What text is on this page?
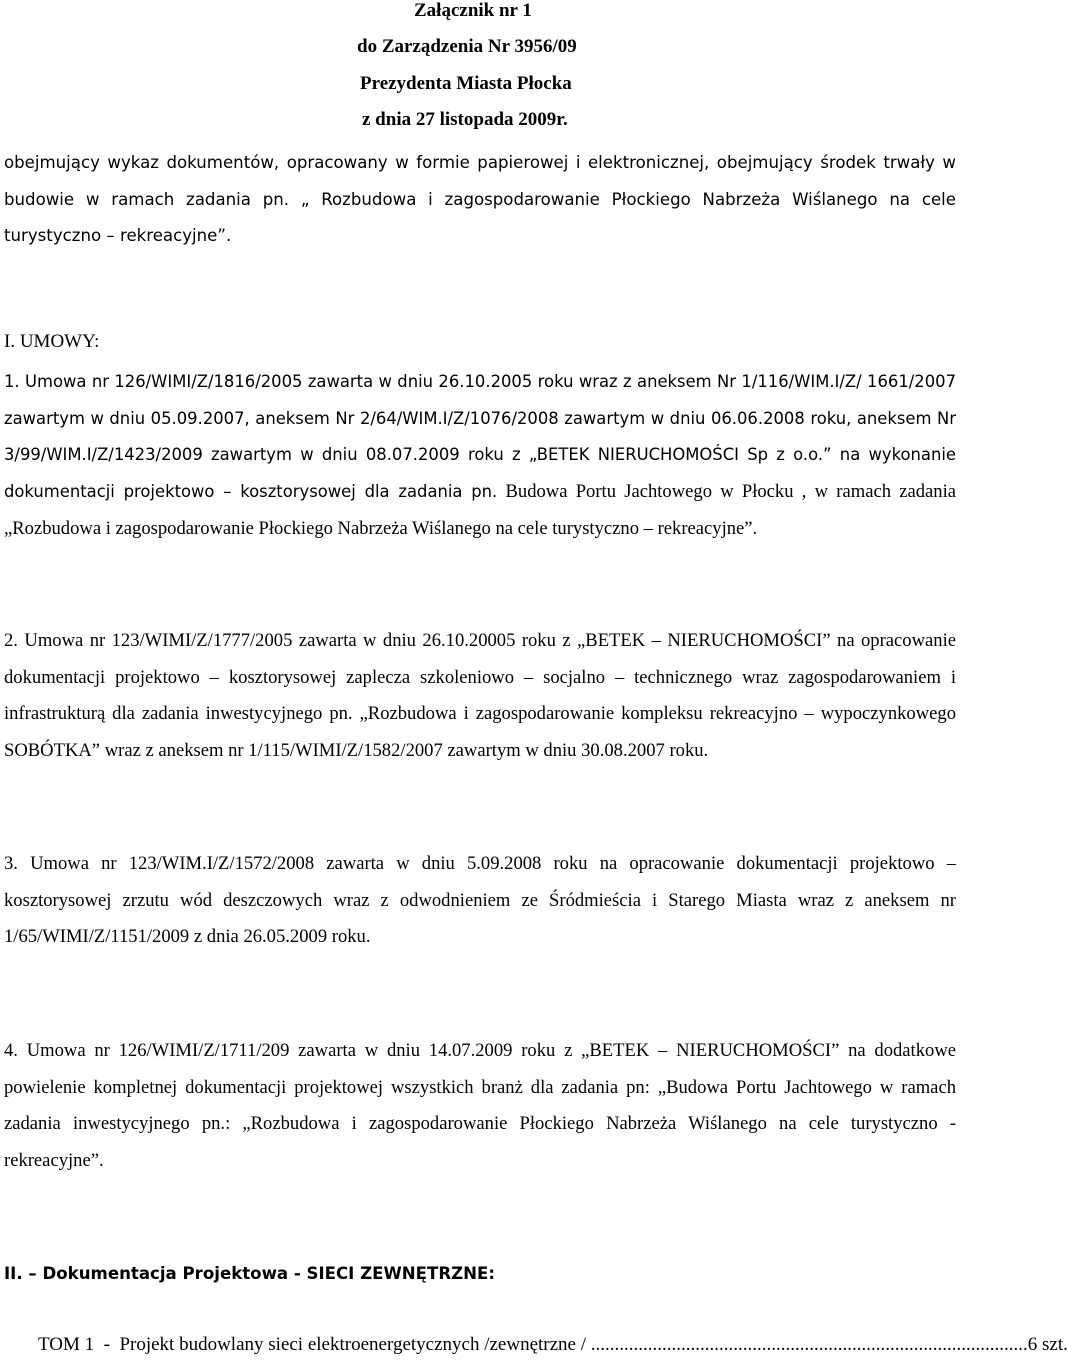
Załącznik nr 1
do Zarządzenia Nr 3956/09
Prezydenta Miasta Płocka
z dnia 27 listopada 2009r.
obejmujący wykaz dokumentów, opracowany w formie papierowej i elektronicznej, obejmujący środek trwały w budowie w ramach zadania pn. „ Rozbudowa i zagospodarowanie Płockiego Nabrzeża Wiślanego na cele turystyczno – rekreacyjne”.
I. UMOWY:
1. Umowa nr 126/WIMI/Z/1816/2005 zawarta w dniu 26.10.2005 roku wraz z aneksem Nr 1/116/WIM.I/Z/ 1661/2007 zawartym w dniu 05.09.2007, aneksem Nr 2/64/WIM.I/Z/1076/2008 zawartym w dniu 06.06.2008 roku, aneksem Nr 3/99/WIM.I/Z/1423/2009 zawartym w dniu 08.07.2009 roku z „BETEK NIERUCHOMOŚCI Sp z o.o.” na wykonanie dokumentacji projektowo – kosztorysowej dla zadania pn. Budowa Portu Jachtowego w Płocku , w ramach zadania „Rozbudowa i zagospodarowanie Płockiego Nabrzeża Wiślanego na cele turystyczno – rekreacyjne”.
2. Umowa nr 123/WIMI/Z/1777/2005 zawarta w dniu 26.10.20005 roku z „BETEK – NIERUCHOMOŚCI” na opracowanie dokumentacji projektowo – kosztorysowej zaplecza szkoleniowo – socjalno – technicznego wraz zagospodarowaniem i infrastrukturą dla zadania inwestycyjnego pn. „Rozbudowa i zagospodarowanie kompleksu rekreacyjno – wypoczynkowego SOBÓTKA” wraz z aneksem nr 1/115/WIMI/Z/1582/2007 zawartym w dniu 30.08.2007 roku.
3. Umowa nr 123/WIM.I/Z/1572/2008 zawarta w dniu 5.09.2008 roku na opracowanie dokumentacji projektowo – kosztorysowej zrzutu wód deszczowych wraz z odwodnieniem ze Śródmieścia i Starego Miasta wraz z aneksem nr 1/65/WIMI/Z/1151/2009 z dnia 26.05.2009 roku.
4. Umowa nr 126/WIMI/Z/1711/209 zawarta w dniu 14.07.2009 roku z „BETEK – NIERUCHOMOŚCI” na dodatkowe powielenie kompletnej dokumentacji projektowej wszystkich branż dla zadania pn: „Budowa Portu Jachtowego w ramach zadania inwestycyjnego pn.: „Rozbudowa i zagospodarowanie Płockiego Nabrzeża Wiślanego na cele turystyczno - rekreacyjne”.
II. – Dokumentacja Projektowa - SIECI ZEWNĘTRZNE:
TOM 1  -  Projekt budowlany sieci elektroenergetycznych /zewnętrzne / ............................................................................................ 6 szt.
